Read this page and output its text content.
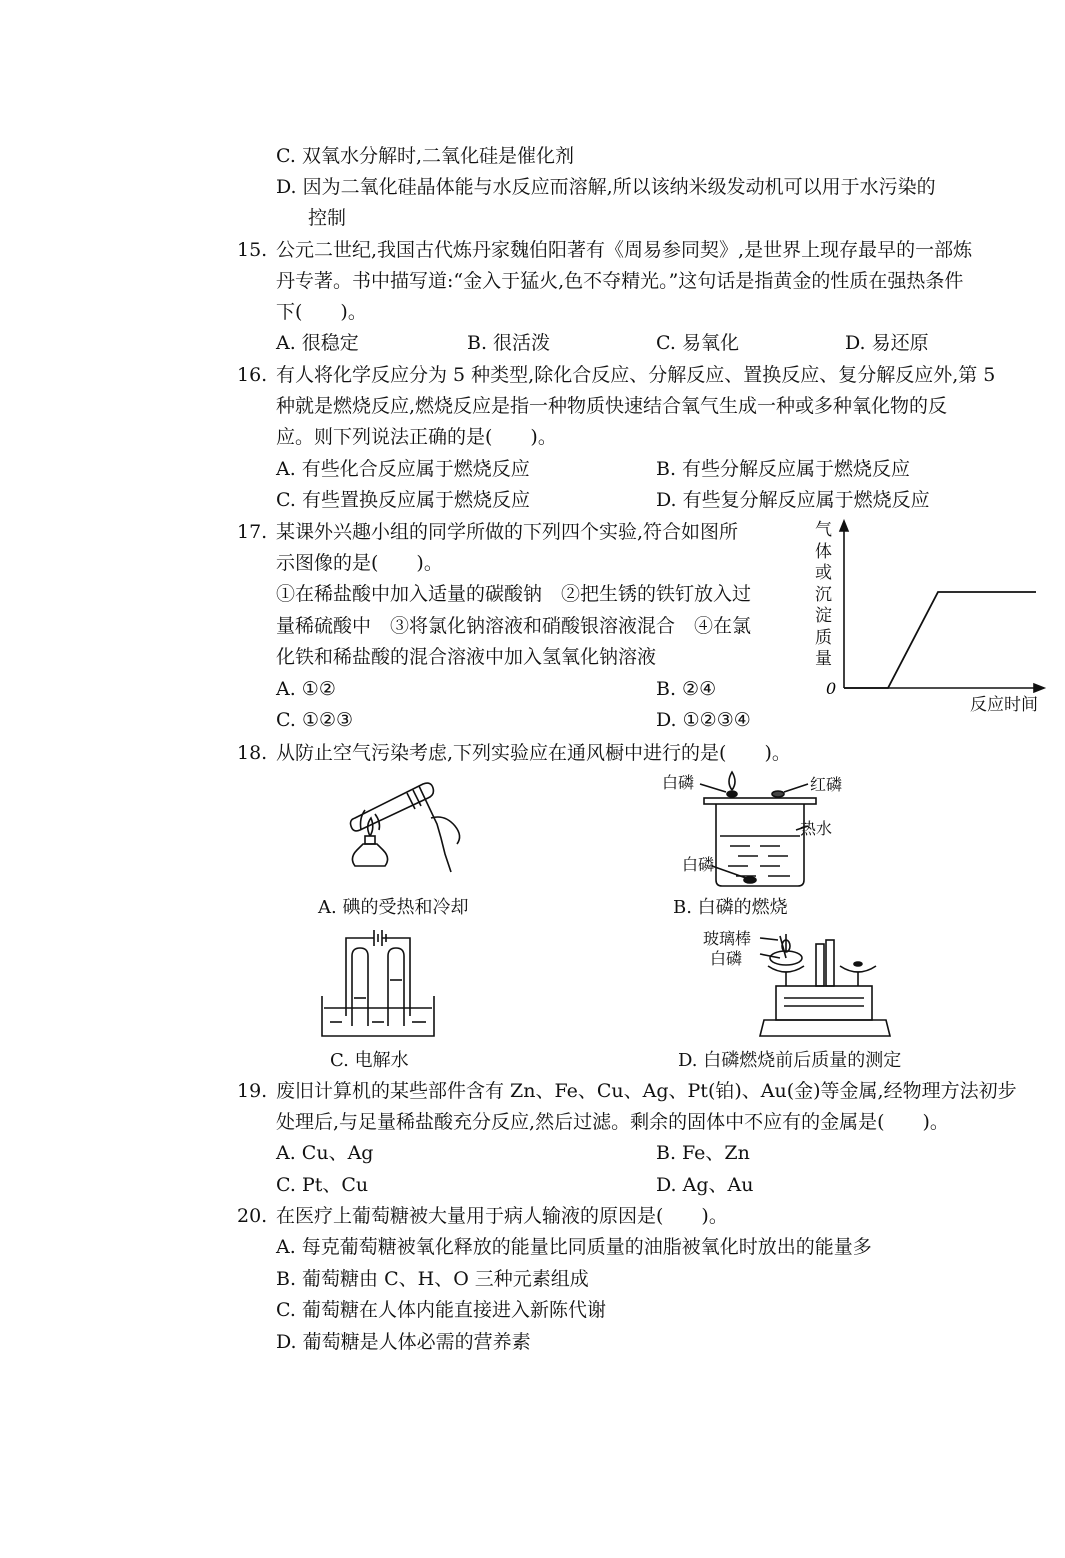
C. 双氧水分解时,二氧化硅是催化剂
D. 因为二氧化硅晶体能与水反应而溶解,所以该纳米级发动机可以用于水污染的
控制
15. 公元二世纪,我国古代炼丹家魏伯阳著有《周易参同契》,是世界上现存最早的一部炼
丹专著。书中描写道:“金入于猛火,色不夺精光。”这句话是指黄金的性质在强热条件
下(　　)。
A. 很稳定	B. 很活泼	C. 易氧化	D. 易还原
16. 有人将化学反应分为 5 种类型,除化合反应、分解反应、置换反应、复分解反应外,第 5
种就是燃烧反应,燃烧反应是指一种物质快速结合氧气生成一种或多种氧化物的反
应。则下列说法正确的是(　　)。
A. 有些化合反应属于燃烧反应	B. 有些分解反应属于燃烧反应
C. 有些置换反应属于燃烧反应	D. 有些复分解反应属于燃烧反应
17. 某课外兴趣小组的同学所做的下列四个实验,符合如图所
示图像的是(　　)。
①在稀盐酸中加入适量的碳酸钠　②把生锈的铁钉放入过
量稀硫酸中　③将氯化钠溶液和硝酸银溶液混合　④在氯
化铁和稀盐酸的混合溶液中加入氢氧化钠溶液
A. ①②	B. ②④
C. ①②③	D. ①②③④
0
气体或沉淀质量
反应时间
18. 从防止空气污染考虑,下列实验应在通风橱中进行的是(　　)。
A. 碘的受热和冷却
白磷	红磷
热水
白磷
B. 白磷的燃烧
C. 电解水
玻璃棒
白磷
D. 白磷燃烧前后质量的测定
19. 废旧计算机的某些部件含有 Zn、Fe、Cu、Ag、Pt(铂)、Au(金)等金属,经物理方法初步
处理后,与足量稀盐酸充分反应,然后过滤。剩余的固体中不应有的金属是(　　)。
A. Cu、Ag	B. Fe、Zn
C. Pt、Cu	D. Ag、Au
20. 在医疗上葡萄糖被大量用于病人输液的原因是(　　)。
A. 每克葡萄糖被氧化释放的能量比同质量的油脂被氧化时放出的能量多
B. 葡萄糖由 C、H、O 三种元素组成
C. 葡萄糖在人体内能直接进入新陈代谢
D. 葡萄糖是人体必需的营养素
